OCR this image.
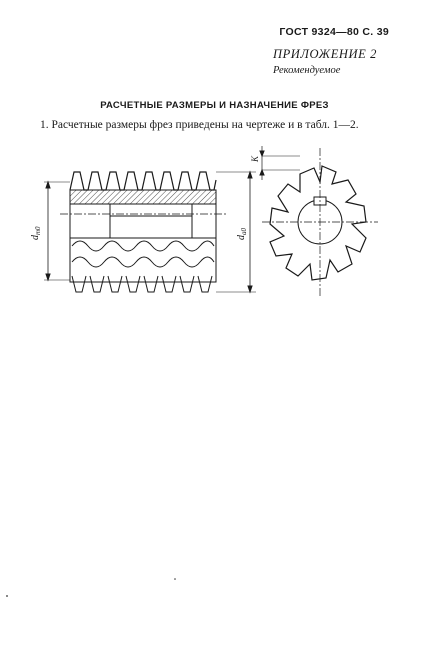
ГОСТ 9324—80 С. 39
ПРИЛОЖЕНИЕ 2
Рекомендуемое
РАСЧЕТНЫЕ РАЗМЕРЫ И НАЗНАЧЕНИЕ ФРЕЗ
1. Расчетные размеры фрез приведены на чертеже и в табл. 1—2.
$d_{m0}$
$d_{a0}$
K
